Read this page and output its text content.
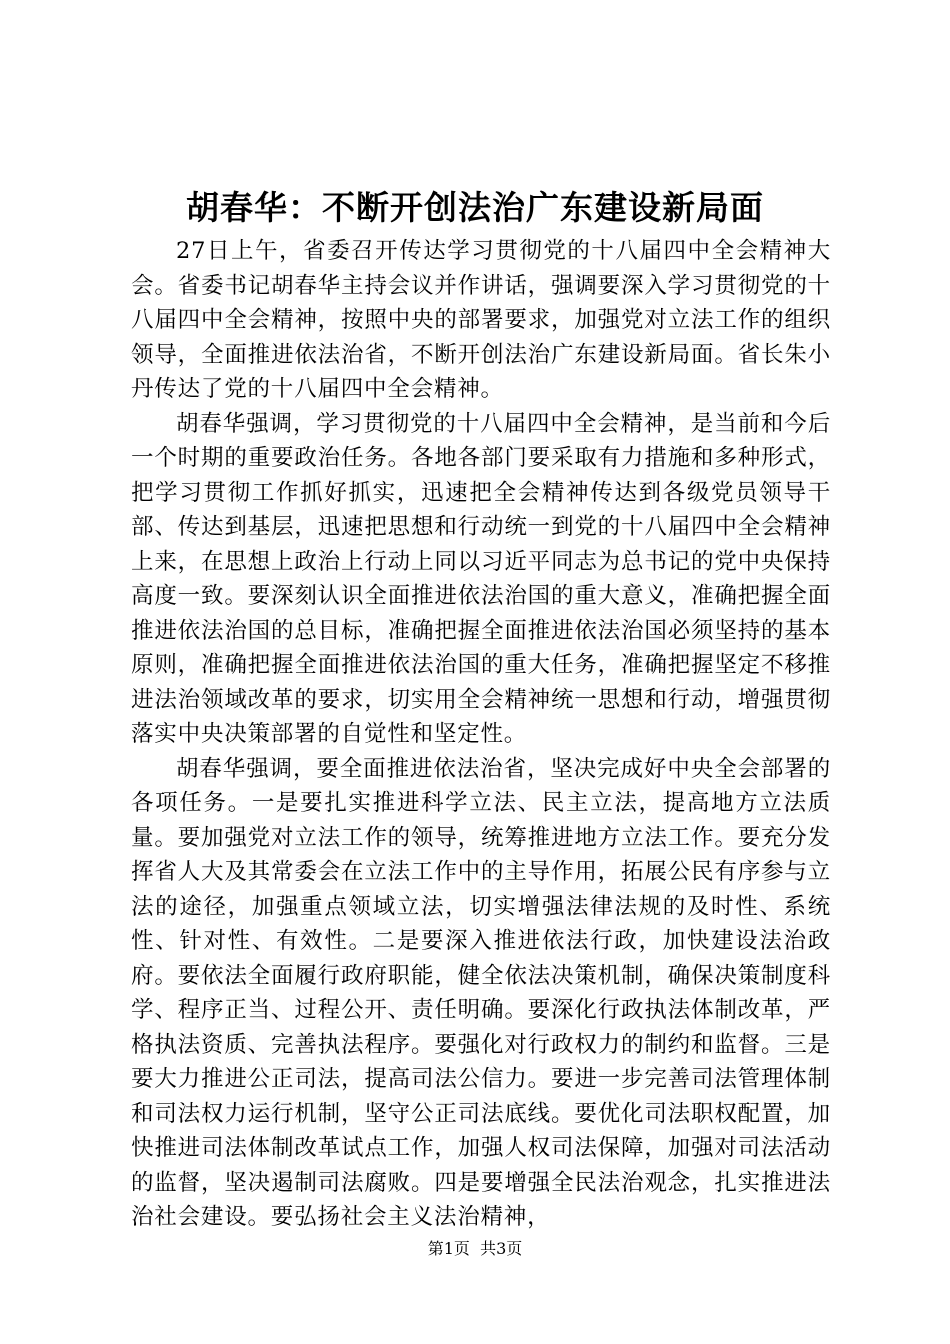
胡春华：不断开创法治广东建设新局面

27日上午，省委召开传达学习贯彻党的十八届四中全会精神大会。省委书记胡春华主持会议并作讲话，强调要深入学习贯彻党的十八届四中全会精神，按照中央的部署要求，加强党对立法工作的组织领导，全面推进依法治省，不断开创法治广东建设新局面。省长朱小丹传达了党的十八届四中全会精神。

胡春华强调，学习贯彻党的十八届四中全会精神，是当前和今后一个时期的重要政治任务。各地各部门要采取有力措施和多种形式，把学习贯彻工作抓好抓实，迅速把全会精神传达到各级党员领导干部、传达到基层，迅速把思想和行动统一到党的十八届四中全会精神上来，在思想上政治上行动上同以习近平同志为总书记的党中央保持高度一致。要深刻认识全面推进依法治国的重大意义，准确把握全面推进依法治国的总目标，准确把握全面推进依法治国必须坚持的基本原则，准确把握全面推进依法治国的重大任务，准确把握坚定不移推进法治领域改革的要求，切实用全会精神统一思想和行动，增强贯彻落实中央决策部署的自觉性和坚定性。

胡春华强调，要全面推进依法治省，坚决完成好中央全会部署的各项任务。一是要扎实推进科学立法、民主立法，提高地方立法质量。要加强党对立法工作的领导，统筹推进地方立法工作。要充分发挥省人大及其常委会在立法工作中的主导作用，拓展公民有序参与立法的途径，加强重点领域立法，切实增强法律法规的及时性、系统性、针对性、有效性。二是要深入推进依法行政，加快建设法治政府。要依法全面履行政府职能，健全依法决策机制，确保决策制度科学、程序正当、过程公开、责任明确。要深化行政执法体制改革，严格执法资质、完善执法程序。要强化对行政权力的制约和监督。三是要大力推进公正司法，提高司法公信力。要进一步完善司法管理体制和司法权力运行机制，坚守公正司法底线。要优化司法职权配置，加快推进司法体制改革试点工作，加强人权司法保障，加强对司法活动的监督，坚决遏制司法腐败。四是要增强全民法治观念，扎实推进法治社会建设。要弘扬社会主义法治精神，

第1页  共3页
